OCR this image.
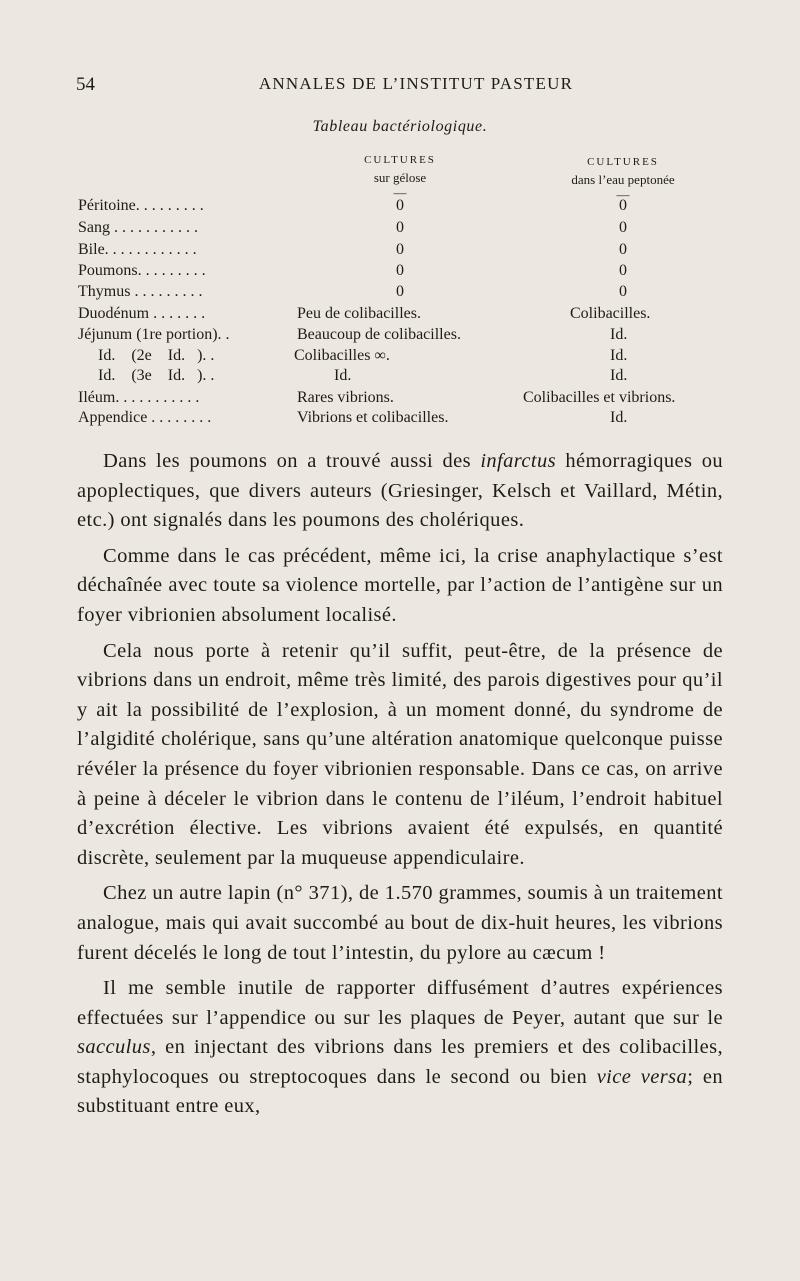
54	ANNALES DE L’INSTITUT PASTEUR
Tableau bactériologique.
CULTURES
sur gélose
—
CULTURES
dans l’eau peptonée
—
Péritoine. . . . . . . . .	0	0
Sang . . . . . . . . . . .	0	0
Bile. . . . . . . . . . . .	0	0
Poumons. . . . . . . . .	0	0
Thymus . . . . . . . . .	0	0
Duodénum . . . . . . .	Peu de colibacilles.	Colibacilles.
Jéjunum (1re portion). .	Beaucoup de colibacilles.	Id.
Id.    (2e    Id.   ). .	Colibacilles ∞.	Id.
Id.    (3e    Id.   ). .	Id.	Id.
Iléum. . . . . . . . . . .	Rares vibrions.	Colibacilles et vibrions.
Appendice . . . . . . . .	Vibrions et colibacilles.	Id.

Dans les poumons on a trouvé aussi des infarctus hémorragiques ou apoplectiques, que divers auteurs (Griesinger, Kelsch et Vaillard, Métin, etc.) ont signalés dans les poumons des cholériques.

Comme dans le cas précédent, même ici, la crise anaphylactique s’est déchaînée avec toute sa violence mortelle, par l’action de l’antigène sur un foyer vibrionien absolument localisé.

Cela nous porte à retenir qu’il suffit, peut-être, de la présence de vibrions dans un endroit, même très limité, des parois digestives pour qu’il y ait la possibilité de l’explosion, à un moment donné, du syndrome de l’algidité cholérique, sans qu’une altération anatomique quelconque puisse révéler la présence du foyer vibrionien responsable. Dans ce cas, on arrive à peine à déceler le vibrion dans le contenu de l’iléum, l’endroit habituel d’excrétion élective. Les vibrions avaient été expulsés, en quantité discrète, seulement par la muqueuse appendiculaire.

Chez un autre lapin (n° 371), de 1.570 grammes, soumis à un traitement analogue, mais qui avait succombé au bout de dix-huit heures, les vibrions furent décelés le long de tout l’intestin, du pylore au cæcum !

Il me semble inutile de rapporter diffusément d’autres expériences effectuées sur l’appendice ou sur les plaques de Peyer, autant que sur le sacculus, en injectant des vibrions dans les premiers et des colibacilles, staphylocoques ou streptocoques dans le second ou bien vice versa; en substituant entre eux,
